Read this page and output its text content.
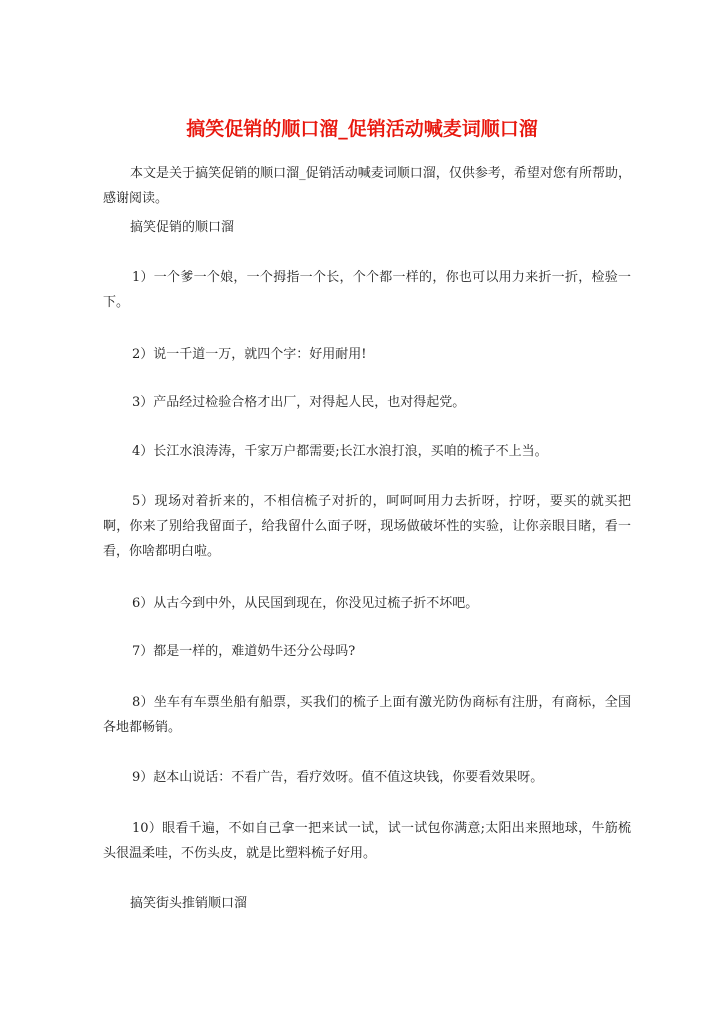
搞笑促销的顺口溜_促销活动喊麦词顺口溜

本文是关于搞笑促销的顺口溜_促销活动喊麦词顺口溜，仅供参考，希望对您有所帮助，感谢阅读。

搞笑促销的顺口溜

1）一个爹一个娘，一个拇指一个长，个个都一样的，你也可以用力来折一折，检验一下。

2）说一千道一万，就四个字：好用耐用!

3）产品经过检验合格才出厂，对得起人民，也对得起党。

4）长江水浪涛涛，千家万户都需要;长江水浪打浪，买咱的梳子不上当。

5）现场对着折来的，不相信梳子对折的，呵呵呵用力去折呀，拧呀，要买的就买把啊，你来了别给我留面子，给我留什么面子呀，现场做破坏性的实验，让你亲眼目睹，看一看，你啥都明白啦。

6）从古今到中外，从民国到现在，你没见过梳子折不坏吧。

7）都是一样的，难道奶牛还分公母吗?

8）坐车有车票坐船有船票，买我们的梳子上面有激光防伪商标有注册，有商标，全国各地都畅销。

9）赵本山说话：不看广告，看疗效呀。值不值这块钱，你要看效果呀。

10）眼看千遍，不如自己拿一把来试一试，试一试包你满意;太阳出来照地球，牛筋梳头很温柔哇，不伤头皮，就是比塑料梳子好用。

搞笑街头推销顺口溜
